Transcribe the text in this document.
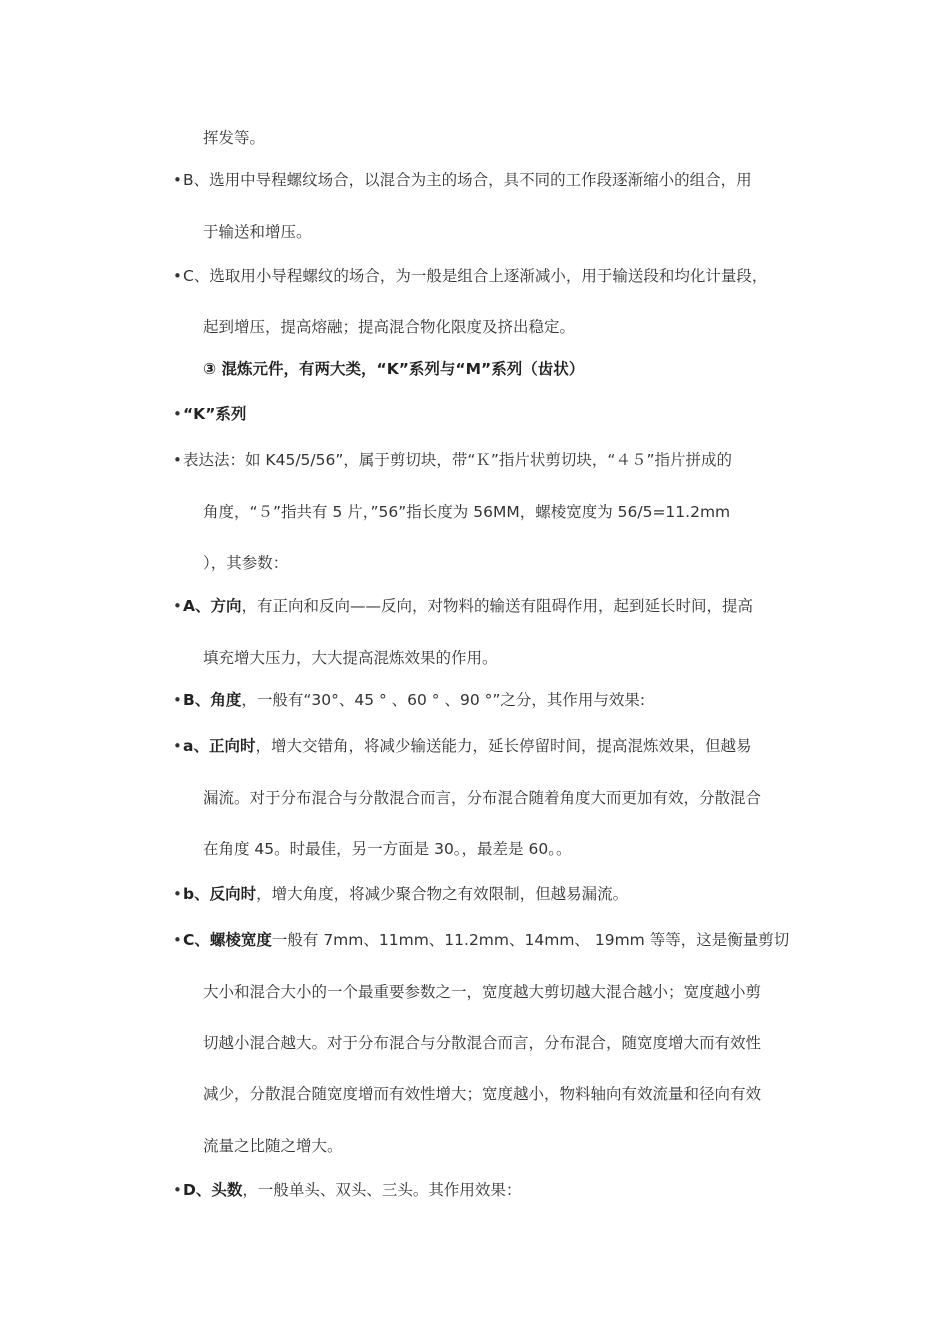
挥发等。
• B、选用中导程螺纹场合，以混合为主的场合，具不同的工作段逐渐缩小的组合，用
于输送和增压。
• C、选取用小导程螺纹的场合，为一般是组合上逐渐减小，用于输送段和均化计量段，
起到增压，提高熔融；提高混合物化限度及挤出稳定。
③ 混炼元件，有两大类，“K”系列与“M”系列（齿状）
• “K”系列
• 表达法：如 K45/5/56”，属于剪切块，带“Ｋ”指片状剪切块，“４５”指片拼成的
角度，“５”指共有 5 片，”56”指长度为 56MM，螺棱宽度为 56/5=11.2mm
），其参数：
• A、方向，有正向和反向——反向，对物料的输送有阻碍作用，起到延长时间，提高
填充增大压力，大大提高混炼效果的作用。
• B、角度，一般有“30°、45 ° 、60 ° 、90 °”之分，其作用与效果:
• a、正向时，增大交错角，将减少输送能力，延长停留时间，提高混炼效果，但越易
漏流。对于分布混合与分散混合而言，分布混合随着角度大而更加有效，分散混合
在角度 45。时最佳，另一方面是 30。，最差是 60。。
• b、反向时，增大角度，将减少聚合物之有效限制，但越易漏流。
• C、螺棱宽度一般有 7mm、11mm、11.2mm、14mm、 19mm 等等，这是衡量剪切
大小和混合大小的一个最重要参数之一，宽度越大剪切越大混合越小；宽度越小剪
切越小混合越大。对于分布混合与分散混合而言，分布混合，随宽度增大而有效性
减少，分散混合随宽度增而有效性增大；宽度越小，物料轴向有效流量和径向有效
流量之比随之增大。
• D、头数，一般单头、双头、三头。其作用效果：
